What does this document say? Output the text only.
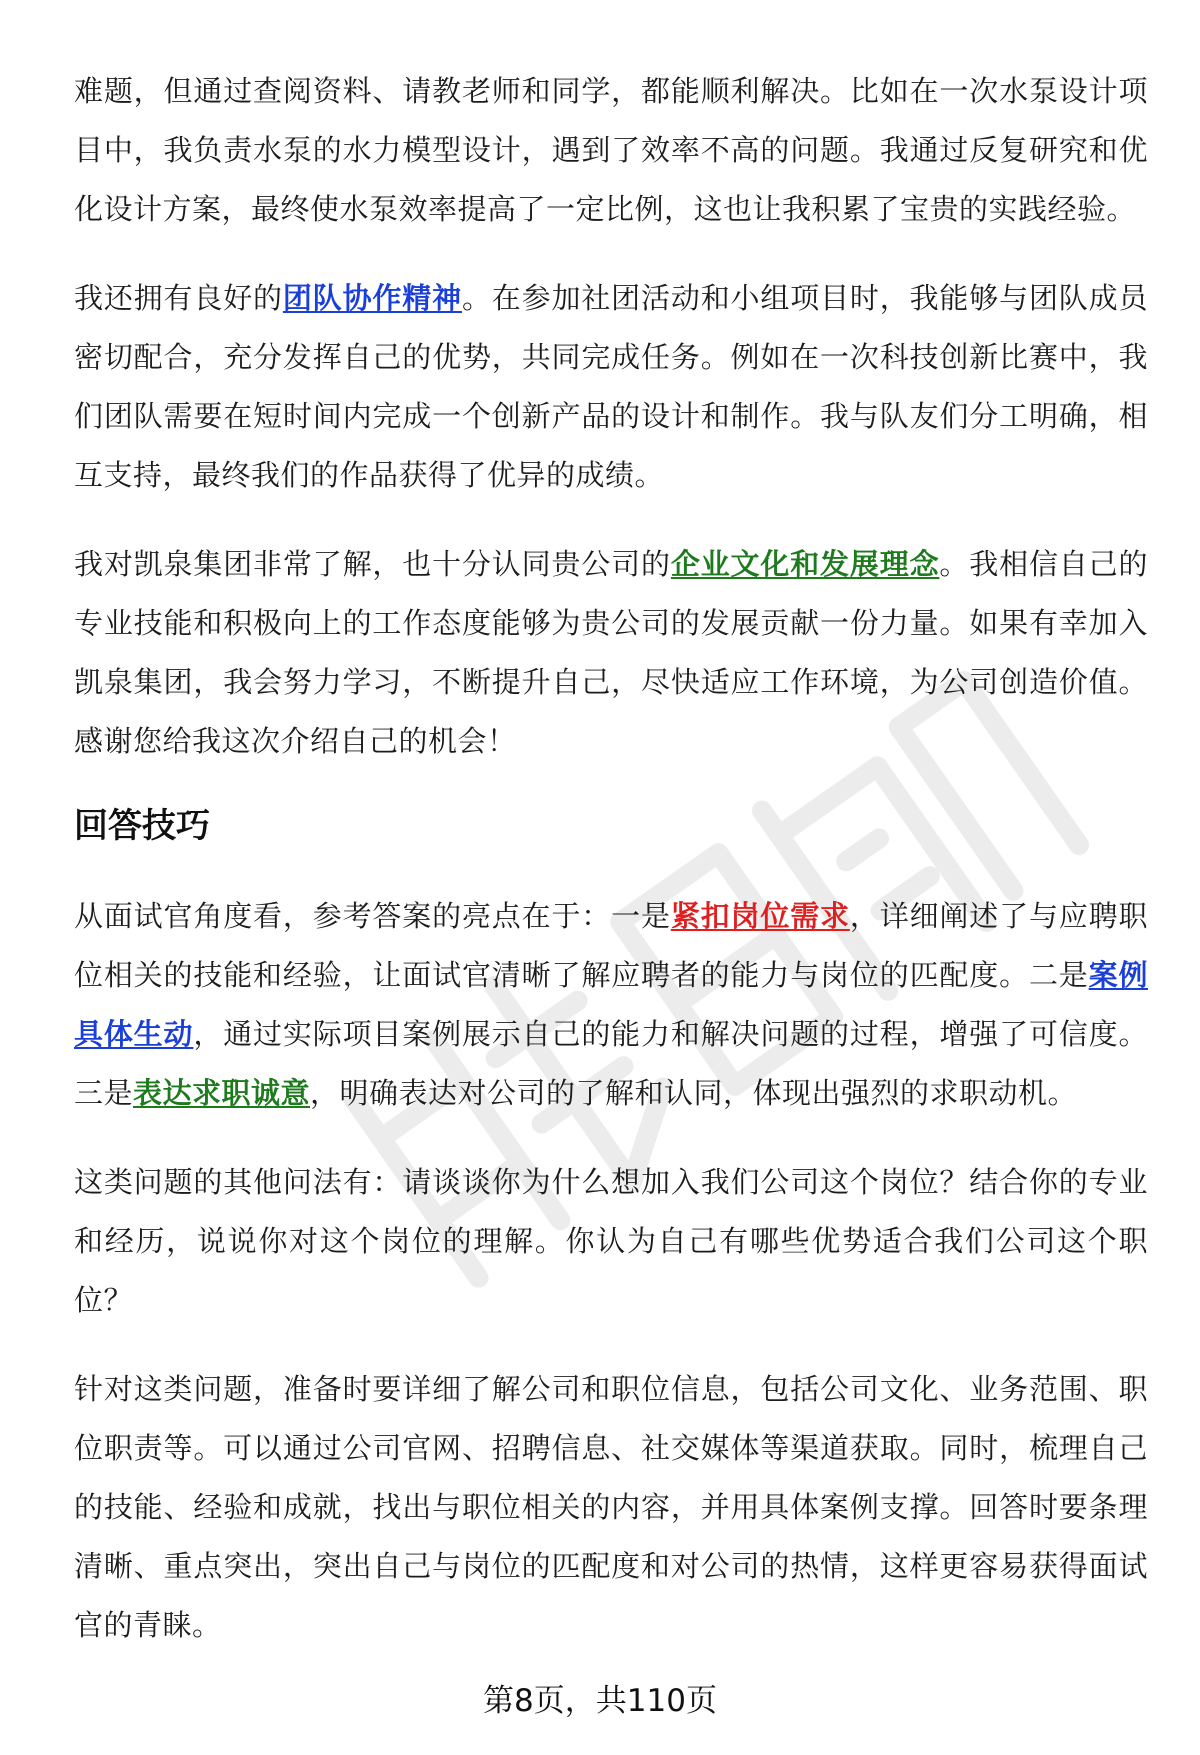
难题，但通过查阅资料、请教老师和同学，都能顺利解决。比如在一次水泵设计项目中，我负责水泵的水力模型设计，遇到了效率不高的问题。我通过反复研究和优化设计方案，最终使水泵效率提高了一定比例，这也让我积累了宝贵的实践经验。

我还拥有良好的团队协作精神。在参加社团活动和小组项目时，我能够与团队成员密切配合，充分发挥自己的优势，共同完成任务。例如在一次科技创新比赛中，我们团队需要在短时间内完成一个创新产品的设计和制作。我与队友们分工明确，相互支持，最终我们的作品获得了优异的成绩。

我对凯泉集团非常了解，也十分认同贵公司的企业文化和发展理念。我相信自己的专业技能和积极向上的工作态度能够为贵公司的发展贡献一份力量。如果有幸加入凯泉集团，我会努力学习，不断提升自己，尽快适应工作环境，为公司创造价值。感谢您给我这次介绍自己的机会！

回答技巧

从面试官角度看，参考答案的亮点在于：一是紧扣岗位需求，详细阐述了与应聘职位相关的技能和经验，让面试官清晰了解应聘者的能力与岗位的匹配度。二是案例具体生动，通过实际项目案例展示自己的能力和解决问题的过程，增强了可信度。三是表达求职诚意，明确表达对公司的了解和认同，体现出强烈的求职动机。

这类问题的其他问法有：请谈谈你为什么想加入我们公司这个岗位？结合你的专业和经历，说说你对这个岗位的理解。你认为自己有哪些优势适合我们公司这个职位？

针对这类问题，准备时要详细了解公司和职位信息，包括公司文化、业务范围、职位职责等。可以通过公司官网、招聘信息、社交媒体等渠道获取。同时，梳理自己的技能、经验和成就，找出与职位相关的内容，并用具体案例支撑。回答时要条理清晰、重点突出，突出自己与岗位的匹配度和对公司的热情，这样更容易获得面试官的青睐。

第8页，共110页
